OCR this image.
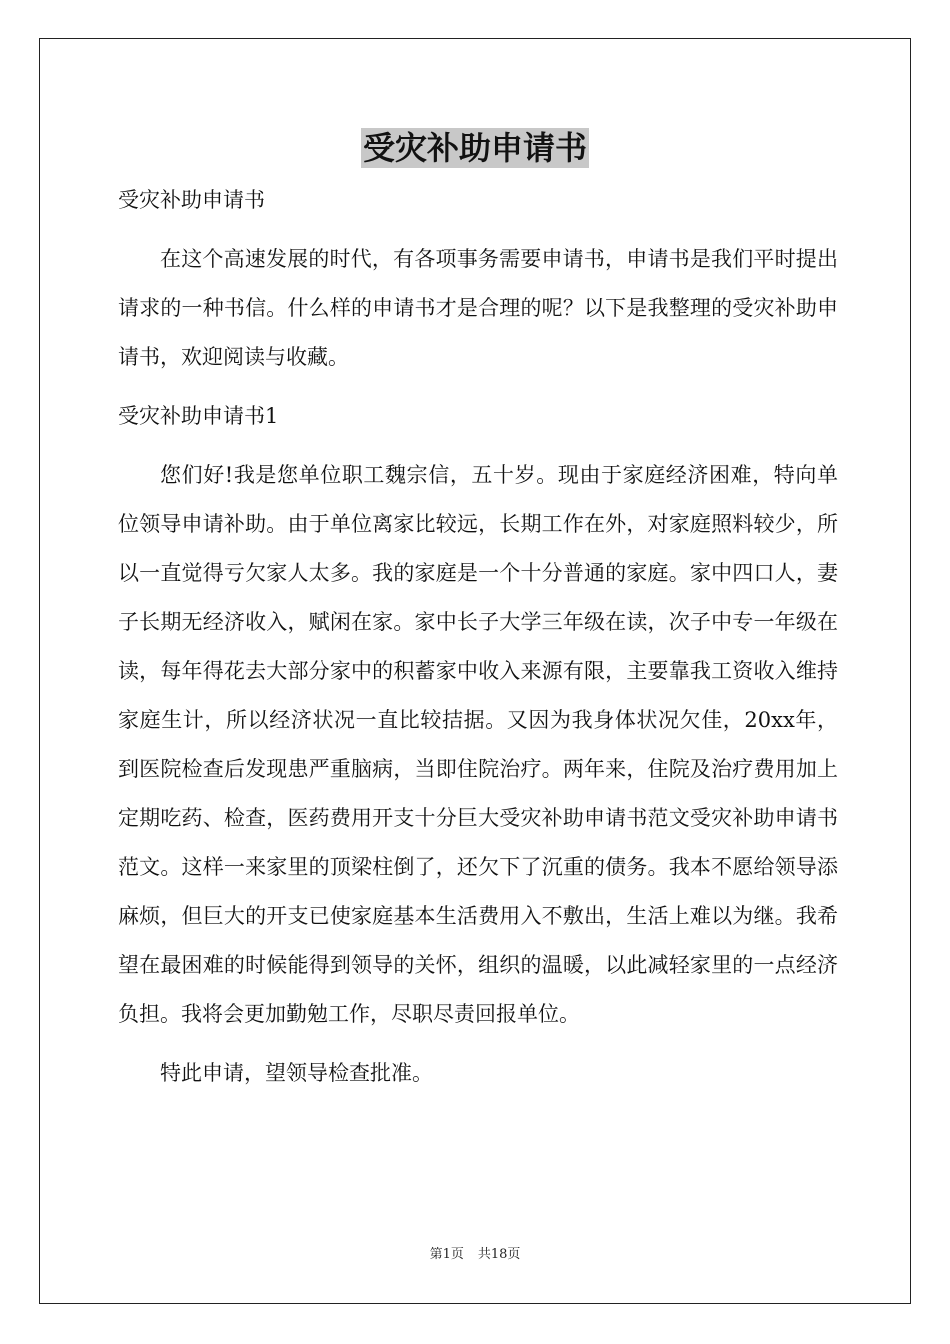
受灾补助申请书

受灾补助申请书

在这个高速发展的时代，有各项事务需要申请书，申请书是我们平时提出请求的一种书信。什么样的申请书才是合理的呢？以下是我整理的受灾补助申请书，欢迎阅读与收藏。

受灾补助申请书1

您们好!我是您单位职工魏宗信，五十岁。现由于家庭经济困难，特向单位领导申请补助。由于单位离家比较远，长期工作在外，对家庭照料较少，所以一直觉得亏欠家人太多。我的家庭是一个十分普通的家庭。家中四口人，妻子长期无经济收入，赋闲在家。家中长子大学三年级在读，次子中专一年级在读，每年得花去大部分家中的积蓄家中收入来源有限，主要靠我工资收入维持家庭生计，所以经济状况一直比较拮据。又因为我身体状况欠佳，20xx年，到医院检查后发现患严重脑病，当即住院治疗。两年来，住院及治疗费用加上定期吃药、检查，医药费用开支十分巨大受灾补助申请书范文受灾补助申请书范文。这样一来家里的顶梁柱倒了，还欠下了沉重的债务。我本不愿给领导添麻烦，但巨大的开支已使家庭基本生活费用入不敷出，生活上难以为继。我希望在最困难的时候能得到领导的关怀，组织的温暖，以此减轻家里的一点经济负担。我将会更加勤勉工作，尽职尽责回报单位。

特此申请，望领导检查批准。

第1页 共18页
